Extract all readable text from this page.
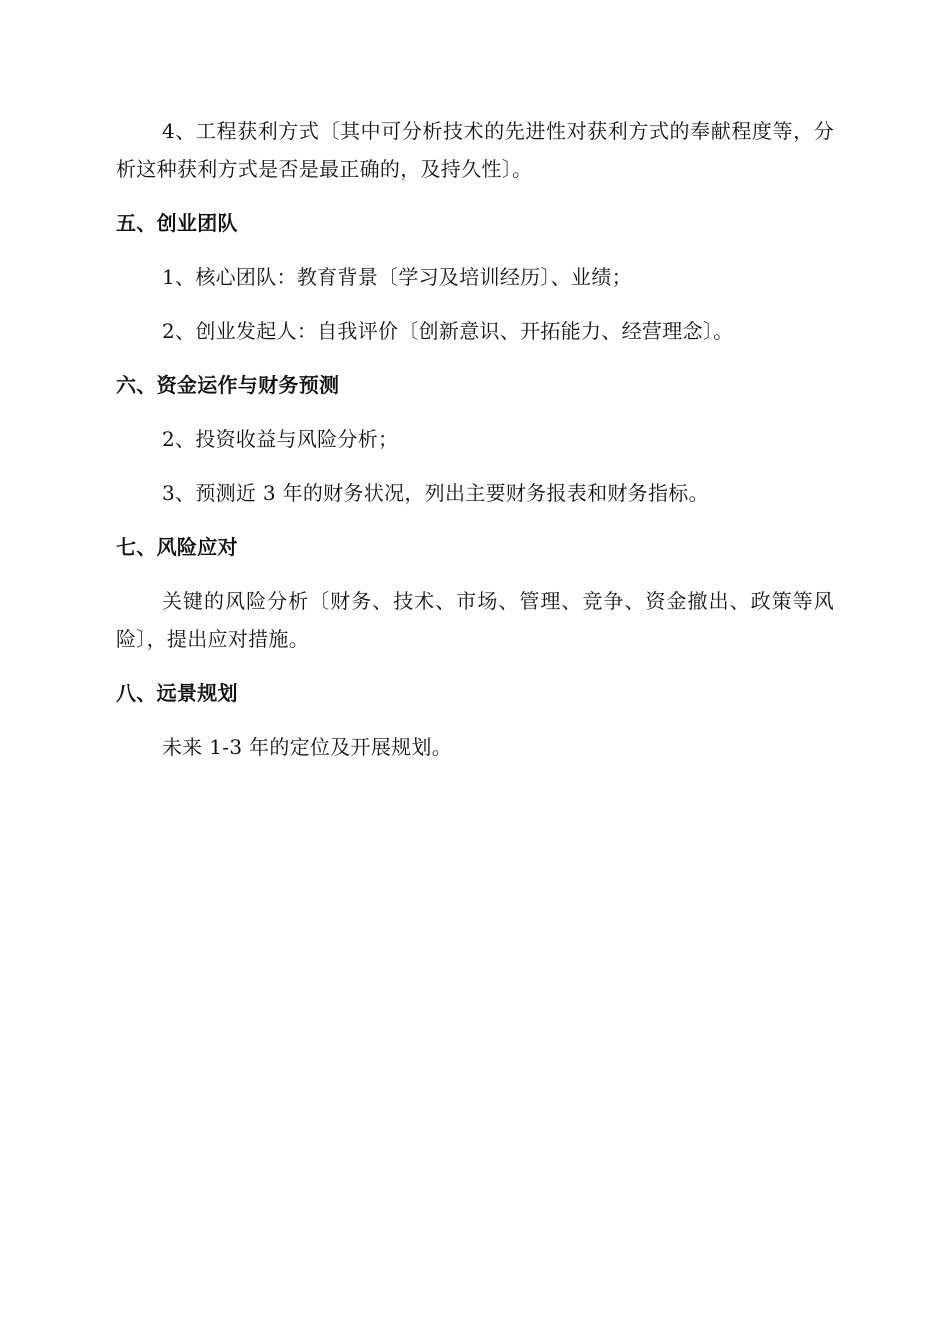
4、工程获利方式〔其中可分析技术的先进性对获利方式的奉献程度等，分析这种获利方式是否是最正确的，及持久性〕。

五、创业团队

1、核心团队：教育背景〔学习及培训经历〕、业绩；

2、创业发起人：自我评价〔创新意识、开拓能力、经营理念〕。

六、资金运作与财务预测

2、投资收益与风险分析；

3、预测近 3 年的财务状况，列出主要财务报表和财务指标。

七、风险应对

关键的风险分析〔财务、技术、市场、管理、竞争、资金撤出、政策等风险〕，提出应对措施。

八、远景规划

未来 1-3 年的定位及开展规划。
